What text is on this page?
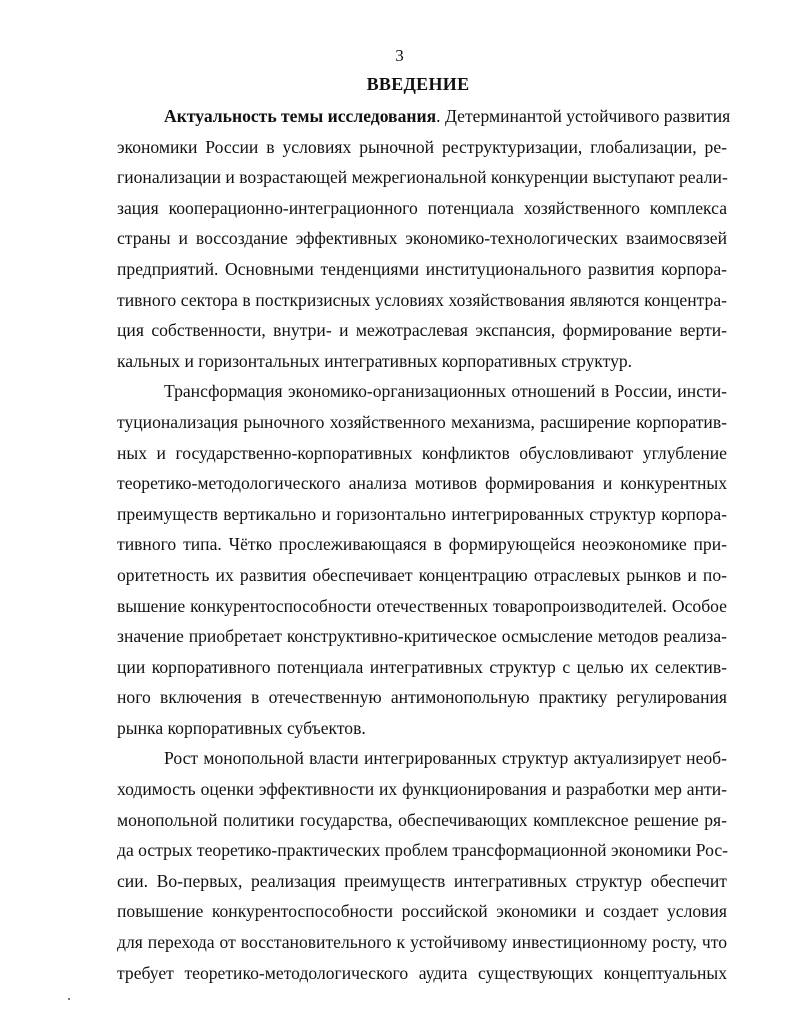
3
ВВЕДЕНИЕ
Актуальность темы исследования. Детерминантой устойчивого развития
экономики России в условиях рыночной реструктуризации, глобализации, ре-
гионализации и возрастающей межрегиональной конкуренции выступают реали-
зация кооперационно-интеграционного потенциала хозяйственного комплекса
страны и воссоздание эффективных экономико-технологических взаимосвязей
предприятий. Основными тенденциями институционального развития корпора-
тивного сектора в посткризисных условиях хозяйствования являются концентра-
ция собственности, внутри- и межотраслевая экспансия, формирование верти-
кальных и горизонтальных интегративных корпоративных структур.
Трансформация экономико-организационных отношений в России, инсти-
туционализация рыночного хозяйственного механизма, расширение корпоратив-
ных и государственно-корпоративных конфликтов обусловливают углубление
теоретико-методологического анализа мотивов формирования и конкурентных
преимуществ вертикально и горизонтально интегрированных структур корпора-
тивного типа. Чётко прослеживающаяся в формирующейся неоэкономике при-
оритетность их развития обеспечивает концентрацию отраслевых рынков и по-
вышение конкурентоспособности отечественных товаропроизводителей. Особое
значение приобретает конструктивно-критическое осмысление методов реализа-
ции корпоративного потенциала интегративных структур с целью их селектив-
ного включения в отечественную антимонопольную практику регулирования
рынка корпоративных субъектов.
Рост монопольной власти интегрированных структур актуализирует необ-
ходимость оценки эффективности их функционирования и разработки мер анти-
монопольной политики государства, обеспечивающих комплексное решение ря-
да острых теоретико-практических проблем трансформационной экономики Рос-
сии. Во-первых, реализация преимуществ интегративных структур обеспечит
повышение конкурентоспособности российской экономики и создает условия
для перехода от восстановительного к устойчивому инвестиционному росту, что
требует теоретико-методологического аудита существующих концептуальных
